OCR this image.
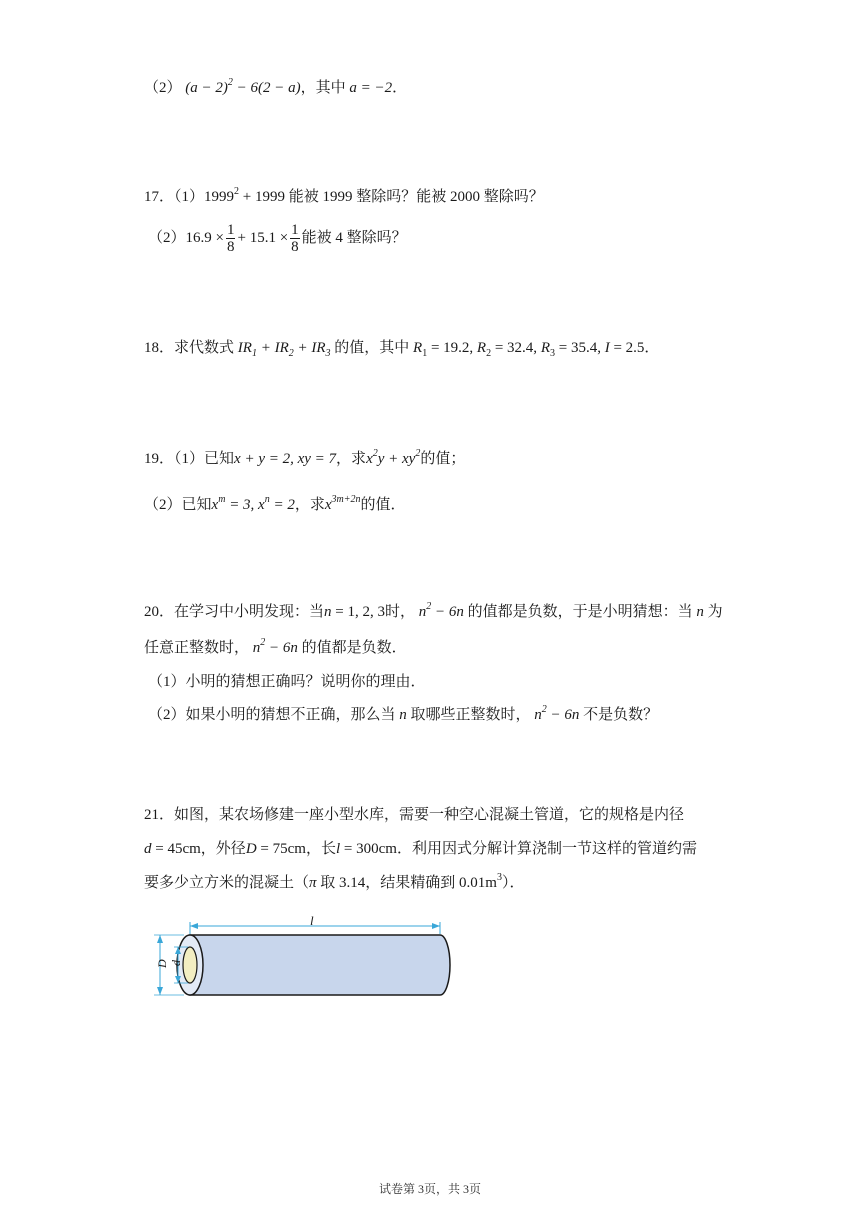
（2） $(a - 2)^2 - 6(2 - a)$，其中 a = −2．
17．$(1)1999^2 + 1999$ 能被 1999 整除吗？能被 2000 整除吗？
$(2)16.9 \times \frac{1}{8} + 15.1 \times \frac{1}{8}$ 能被 4 整除吗？
18．求代数式 $IR_1 + IR_2 + IR_3$ 的值，其中 $R_1 = 19.2$, $R_2 = 32.4$, $R_3 = 35.4$, I = 2.5．
19．（1）已知x + y = 2, xy = 7，求$x^2y + xy^2$的值；
（2）已知$x^m = 3$, $x^n = 2$，求$x^{3m+2n}$的值．
20．在学习中小明发现：当n = 1, 2, 3时， $n^2 - 6n$ 的值都是负数，于是小明猜想：当 n 为
任意正整数时， $n^2 - 6n$ 的值都是负数．
（1）小明的猜想正确吗？说明你的理由．
（2）如果小明的猜想不正确，那么当 n 取哪些正整数时， $n^2 - 6n$ 不是负数？
21．如图，某农场修建一座小型水库，需要一种空心混凝土管道，它的规格是内径
d = 45cm，外径D = 75cm，长l = 300cm．利用因式分解计算浇制一节这样的管道约需
要多少立方米的混凝土（π 取 3.14，结果精确到 $0.01m^3$）．
l
D d
试卷第 3页，共 3页
